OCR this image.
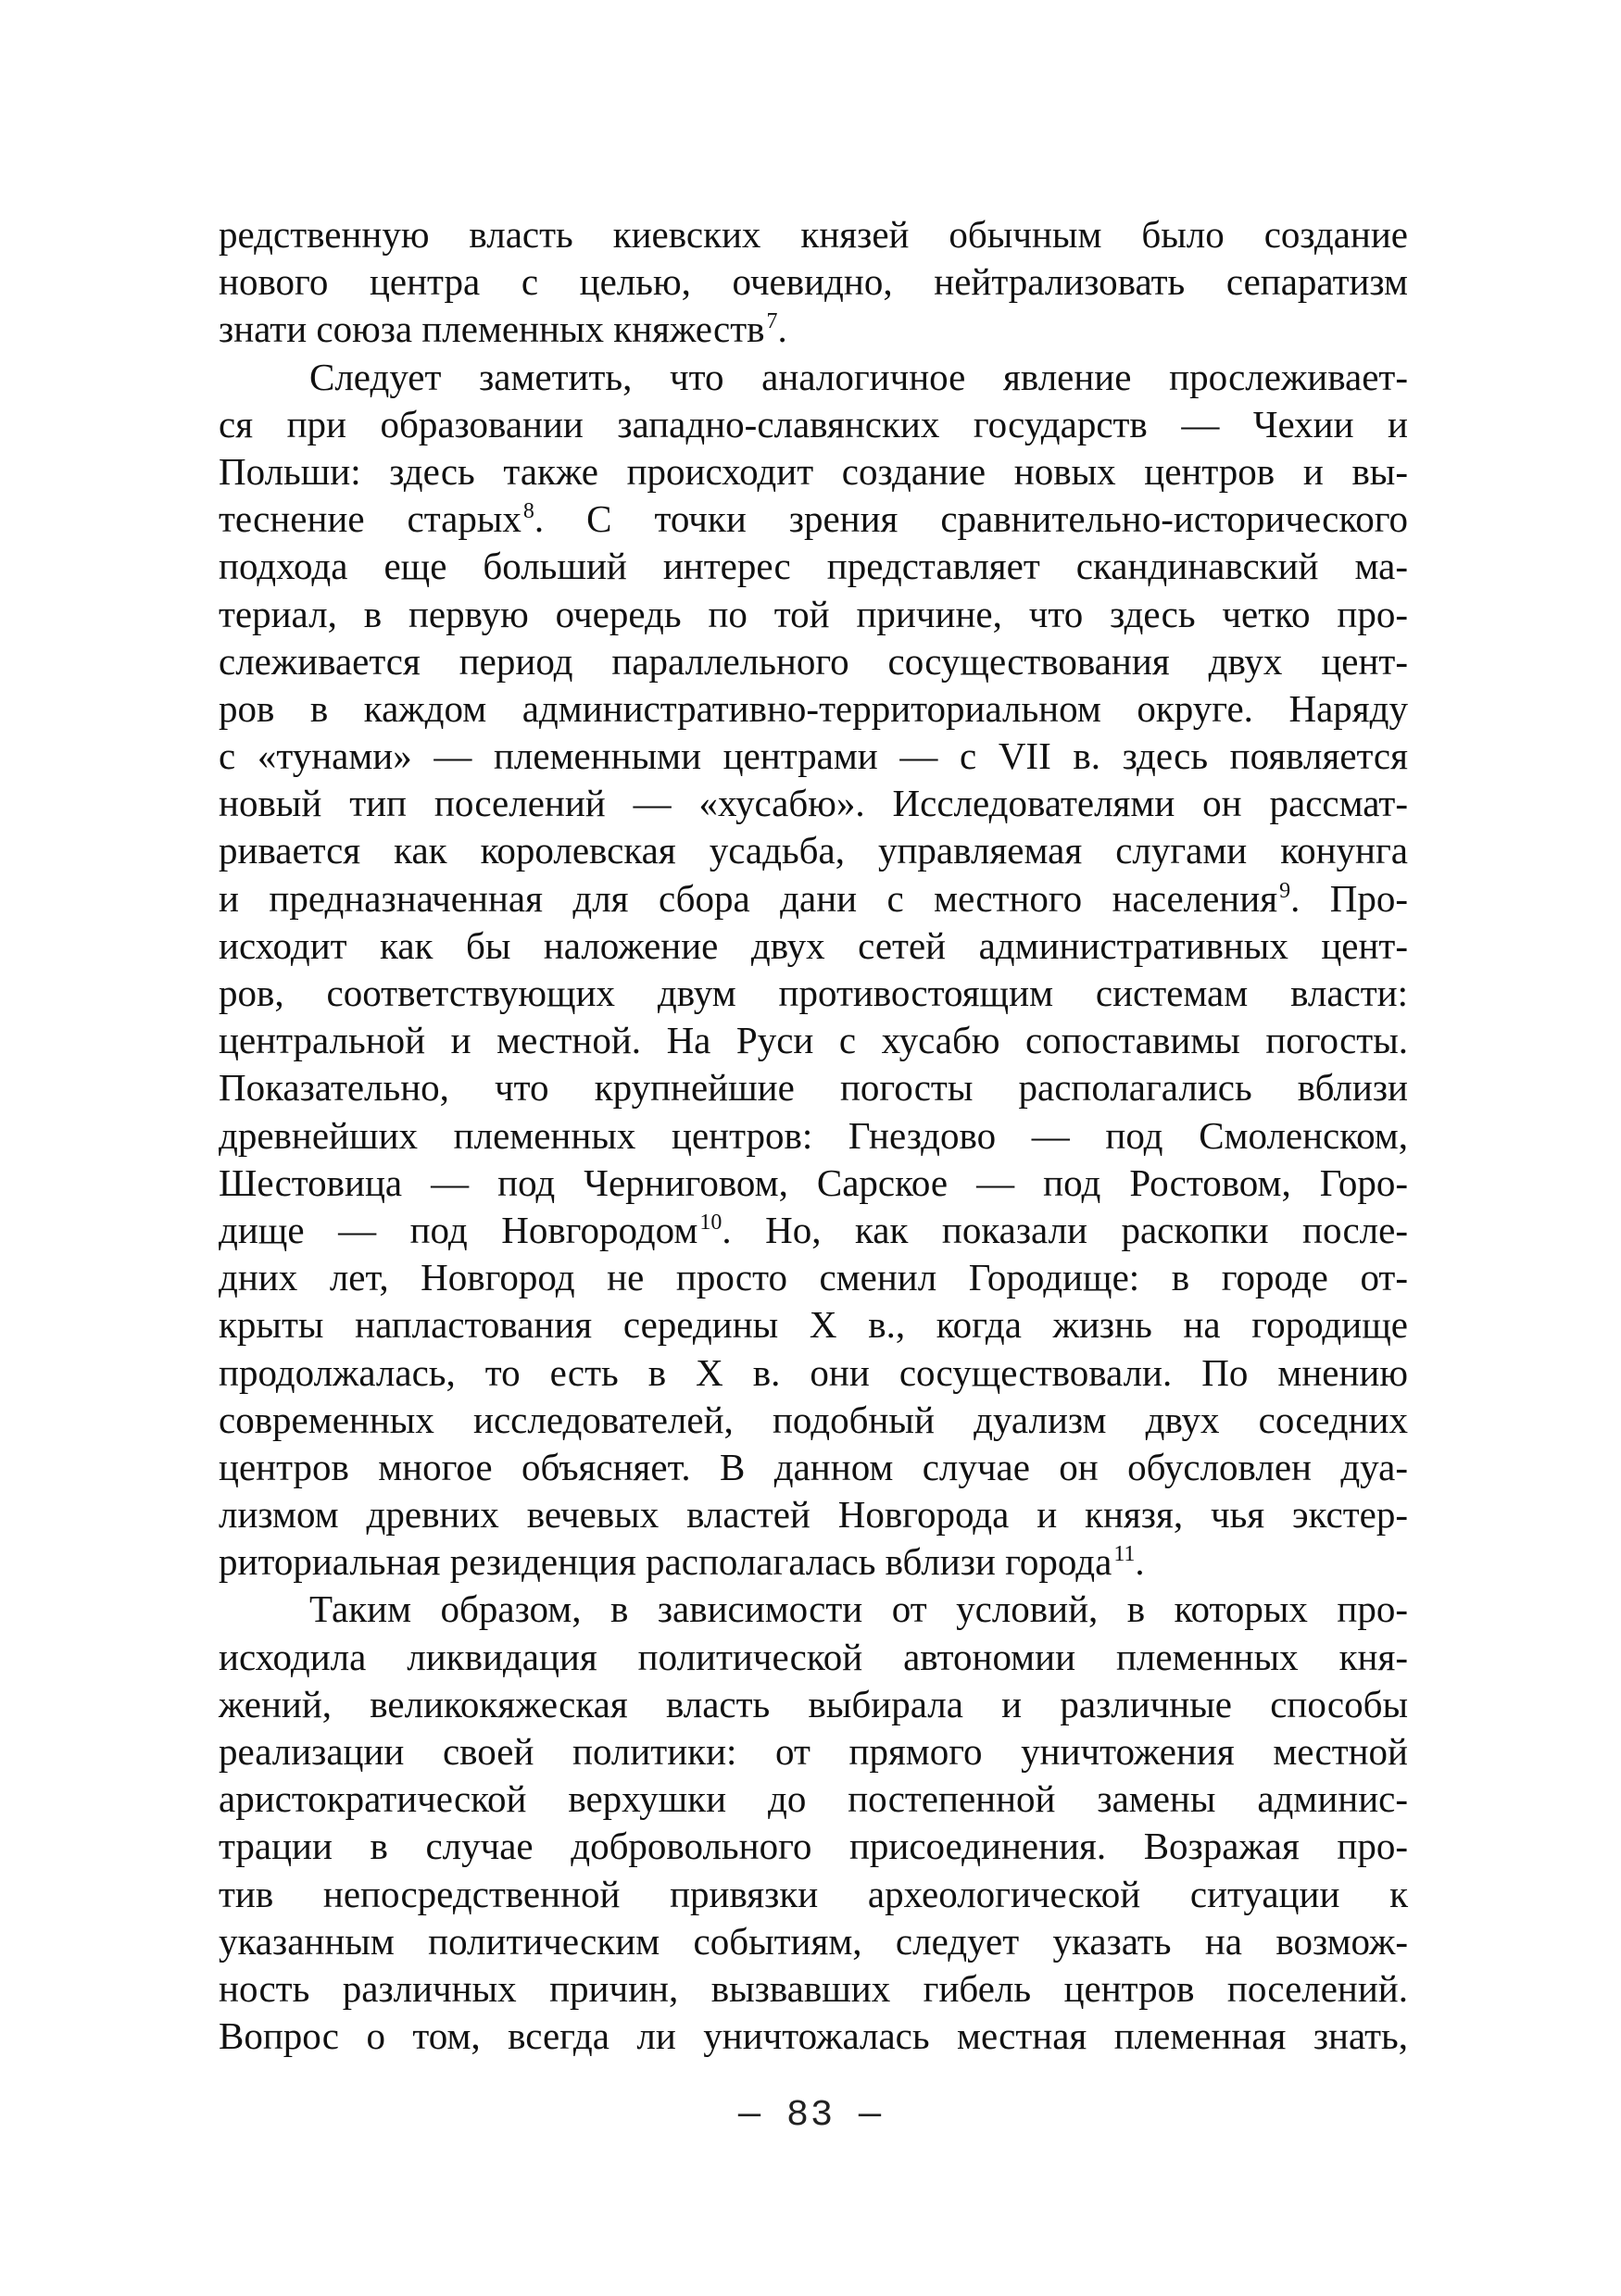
редственную власть киевских князей обычным было создание
нового центра с целью, очевидно, нейтрализовать сепаратизм
знати союза племенных княжеств$^7$.
Следует заметить, что аналогичное явление прослеживает-
ся при образовании западно-славянских государств — Чехии и
Польши: здесь также происходит создание новых центров и вы-
теснение старых$^8$. С точки зрения сравнительно-исторического
подхода еще больший интерес представляет скандинавский ма-
териал, в первую очередь по той причине, что здесь четко про-
слеживается период параллельного сосуществования двух цент-
ров в каждом административно-территориальном округе. Наряду
с «тунами» — племенными центрами — с VII в. здесь появляется
новый тип поселений — «хусабю». Исследователями он рассмат-
ривается как королевская усадьба, управляемая слугами конунга
и предназначенная для сбора дани с местного населения$^9$. Про-
исходит как бы наложение двух сетей административных цент-
ров, соответствующих двум противостоящим системам власти:
центральной и местной. На Руси с хусабю сопоставимы погосты.
Показательно, что крупнейшие погосты располагались вблизи
древнейших племенных центров: Гнездово — под Смоленском,
Шестовица — под Черниговом, Сарское — под Ростовом, Горо-
дище — под Новгородом$^{10}$. Но, как показали раскопки после-
дних лет, Новгород не просто сменил Городище: в городе от-
крыты напластования середины X в., когда жизнь на городище
продолжалась, то есть в X в. они сосуществовали. По мнению
современных исследователей, подобный дуализм двух соседних
центров многое объясняет. В данном случае он обусловлен дуа-
лизмом древних вечевых властей Новгорода и князя, чья экстер-
риториальная резиденция располагалась вблизи города$^{11}$.
Таким образом, в зависимости от условий, в которых про-
исходила ликвидация политической автономии племенных кня-
жений, великокяжеская власть выбирала и различные способы
реализации своей политики: от прямого уничтожения местной
аристократической верхушки до постепенной замены админис-
трации в случае добровольного присоединения. Возражая про-
тив непосредственной привязки археологической ситуации к
указанным политическим событиям, следует указать на возмож-
ность различных причин, вызвавших гибель центров поселений.
Вопрос о том, всегда ли уничтожалась местная племенная знать,
— 83 —
